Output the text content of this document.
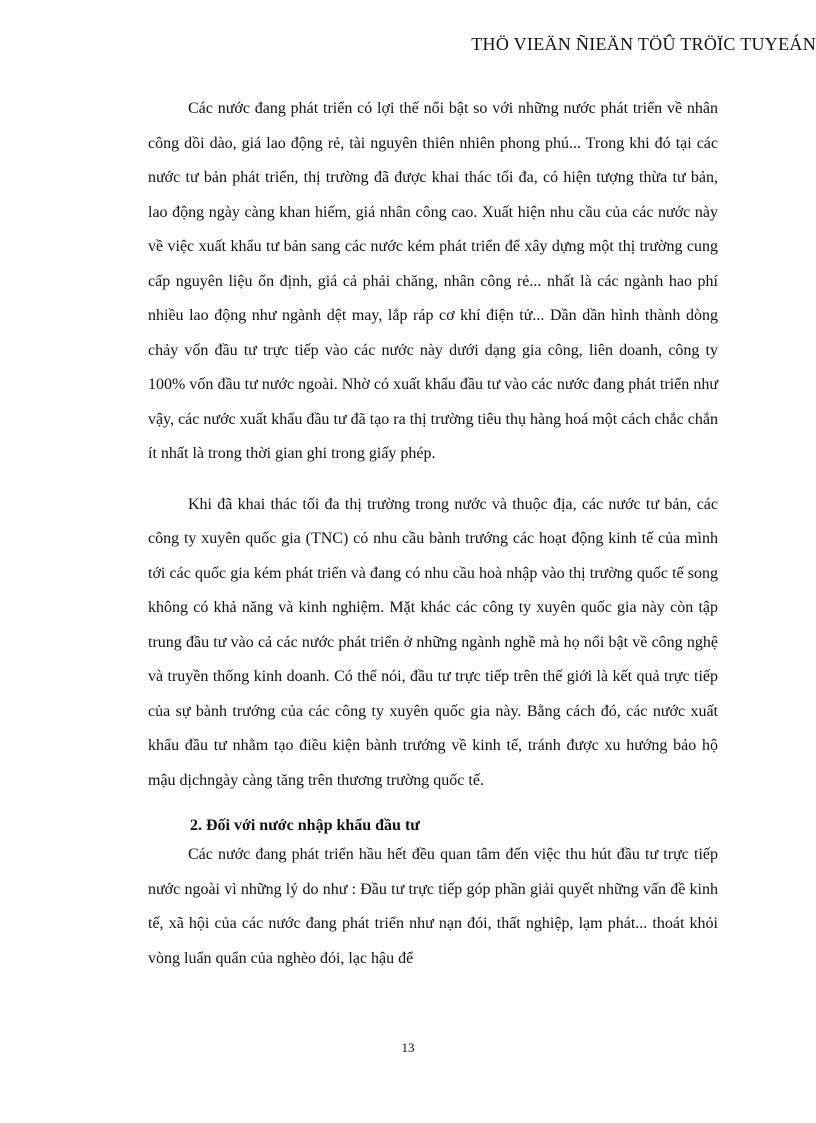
THÖ VIEÄN ÑIEÄN TÖÛ TRÖÏC TUYEÁN

Các nước đang phát triển có lợi thế nổi bật so với những nước phát triển về nhân công dồi dào, giá lao động rẻ, tài nguyên thiên nhiên phong phú... Trong khi đó tại các nước tư bản phát triển, thị trường đã được khai thác tối đa, có hiện tượng thừa tư bản, lao động ngày càng khan hiếm, giá nhân công cao. Xuất hiện nhu cầu của các nước này về việc xuất khẩu tư bản sang các nước kém phát triển để xây dựng một thị trường cung cấp nguyên liệu ổn định, giá cả phải chăng, nhân công rẻ... nhất là các ngành hao phí nhiều lao động như ngành dệt may, lắp ráp cơ khí điện tử... Dần dần hình thành dòng chảy vốn đầu tư trực tiếp vào các nước này dưới dạng gia công, liên doanh, công ty 100% vốn đầu tư nước ngoài. Nhờ có xuất khẩu đầu tư vào các nước đang phát triển như vậy, các nước xuất khẩu đầu tư đã tạo ra thị trường tiêu thụ hàng hoá một cách chắc chắn ít nhất là trong thời gian ghi trong giấy phép.

Khi đã khai thác tối đa thị trường trong nước và thuộc địa, các nước tư bản, các công ty xuyên quốc gia (TNC) có nhu cầu bành trướng các hoạt động kinh tế của mình tới các quốc gia kém phát triển và đang có nhu cầu hoà nhập vào thị trường quốc tế song không có khả năng và kinh nghiệm. Mặt khác các công ty xuyên quốc gia này còn tập trung đầu tư vào cả các nước phát triển ở những ngành nghề mà họ nổi bật về công nghệ và truyền thống kinh doanh. Có thể nói, đầu tư trực tiếp trên thế giới là kết quả trực tiếp của sự bành trướng của các công ty xuyên quốc gia này. Bằng cách đó, các nước xuất khẩu đầu tư nhằm tạo điều kiện bành trướng về kinh tế, tránh được xu hướng bảo hộ mậu dịchngày càng tăng trên thương trường quốc tế.

2. Đối với nước nhập khẩu đầu tư

Các nước đang phát triển hầu hết đều quan tâm đến việc thu hút đầu tư trực tiếp nước ngoài vì những lý do như : Đầu tư trực tiếp góp phần giải quyết những vấn đề kinh tế, xã hội của các nước đang phát triển như nạn đói, thất nghiệp, lạm phát... thoát khỏi vòng luẩn quẩn của nghèo đói, lạc hậu để

13
